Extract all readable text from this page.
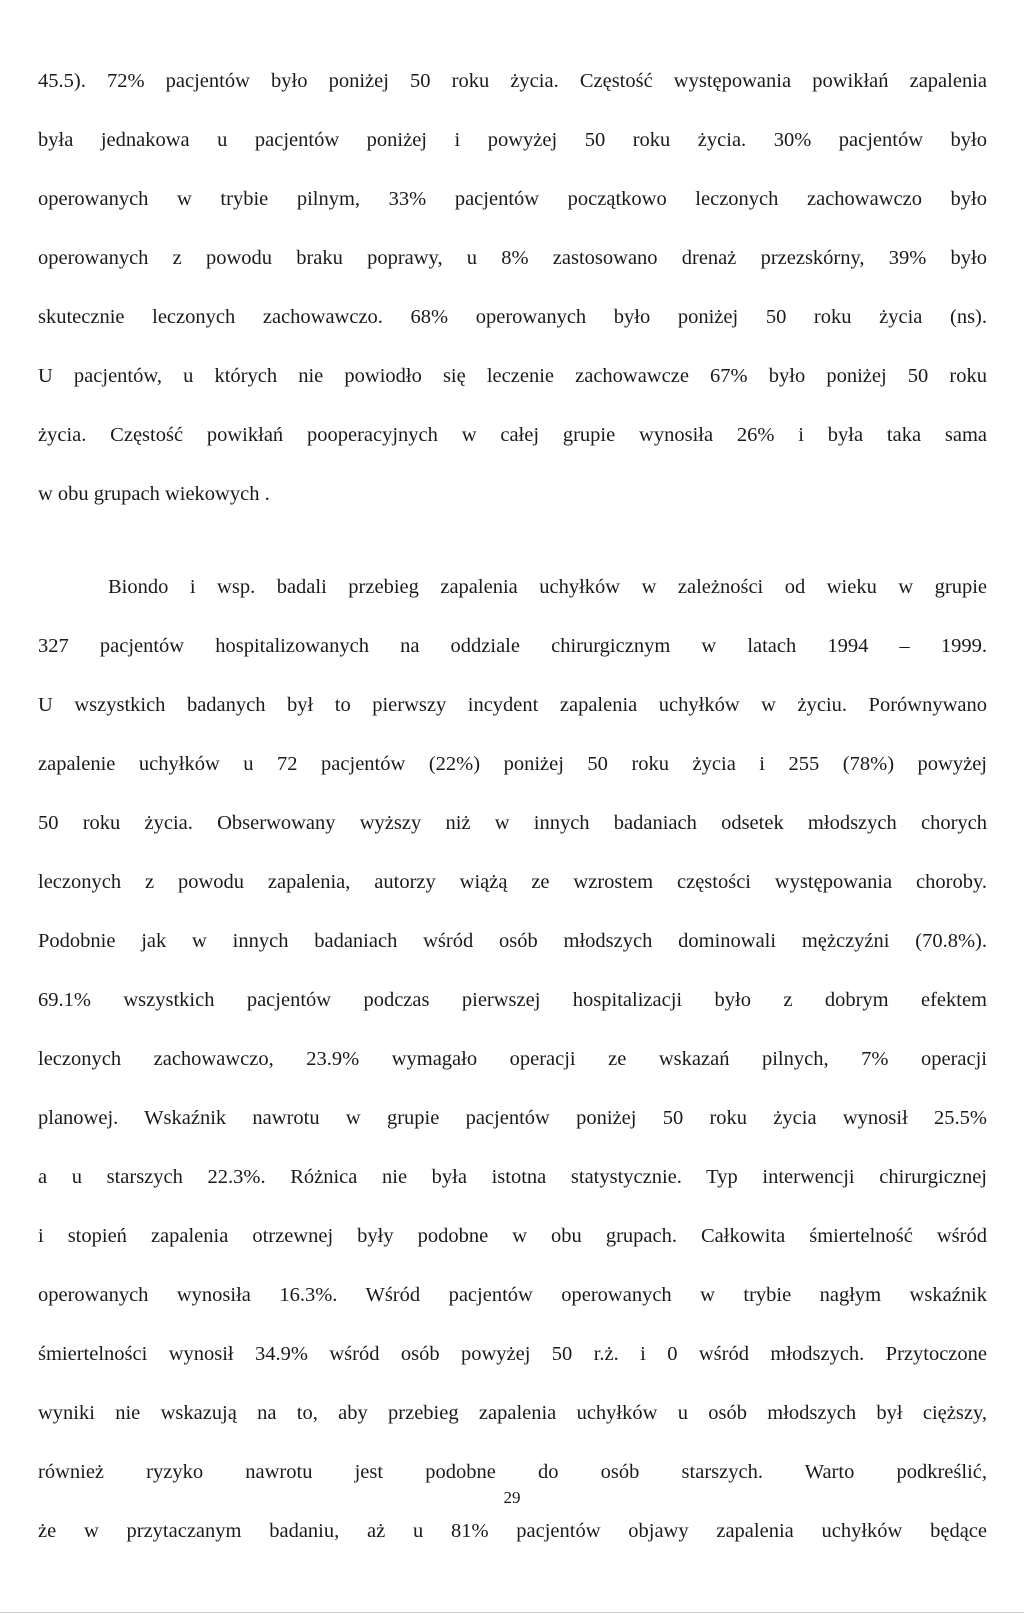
45.5). 72% pacjentów było poniżej 50 roku życia. Częstość występowania powikłań zapalenia
była jednakowa u pacjentów poniżej i powyżej 50 roku życia. 30% pacjentów było
operowanych w trybie pilnym, 33% pacjentów początkowo leczonych zachowawczo było
operowanych z powodu braku poprawy, u 8% zastosowano drenaż przezskórny, 39% było
skutecznie leczonych zachowawczo. 68% operowanych było poniżej 50 roku życia (ns).
U pacjentów, u których nie powiodło się leczenie zachowawcze 67% było poniżej 50 roku
życia. Częstość powikłań pooperacyjnych w całej grupie wynosiła 26% i była taka sama
w obu grupach wiekowych .
Biondo i wsp. badali przebieg zapalenia uchyłków w zależności od wieku w grupie
327 pacjentów hospitalizowanych na oddziale chirurgicznym w latach 1994 – 1999.
U wszystkich badanych był to pierwszy incydent zapalenia uchyłków w życiu. Porównywano
zapalenie uchyłków u 72 pacjentów (22%) poniżej 50 roku życia i 255 (78%) powyżej
50 roku życia. Obserwowany wyższy niż w innych badaniach odsetek młodszych chorych
leczonych z powodu zapalenia, autorzy wiążą ze wzrostem częstości występowania choroby.
Podobnie jak w innych badaniach wśród osób młodszych dominowali mężczyźni (70.8%).
69.1% wszystkich pacjentów podczas pierwszej hospitalizacji było z dobrym efektem
leczonych zachowawczo, 23.9% wymagało operacji ze wskazań pilnych, 7% operacji
planowej. Wskaźnik nawrotu w grupie pacjentów poniżej 50 roku życia wynosił 25.5%
a u starszych 22.3%. Różnica nie była istotna statystycznie. Typ interwencji chirurgicznej
i stopień zapalenia otrzewnej były podobne w obu grupach. Całkowita śmiertelność wśród
operowanych wynosiła 16.3%. Wśród pacjentów operowanych w trybie nagłym wskaźnik
śmiertelności wynosił 34.9% wśród osób powyżej 50 r.ż. i 0 wśród młodszych. Przytoczone
wyniki nie wskazują na to, aby przebieg zapalenia uchyłków u osób młodszych był cięższy,
również ryzyko nawrotu jest podobne do osób starszych. Warto podkreślić,
że w przytaczanym badaniu, aż u 81% pacjentów objawy zapalenia uchyłków będące
29
